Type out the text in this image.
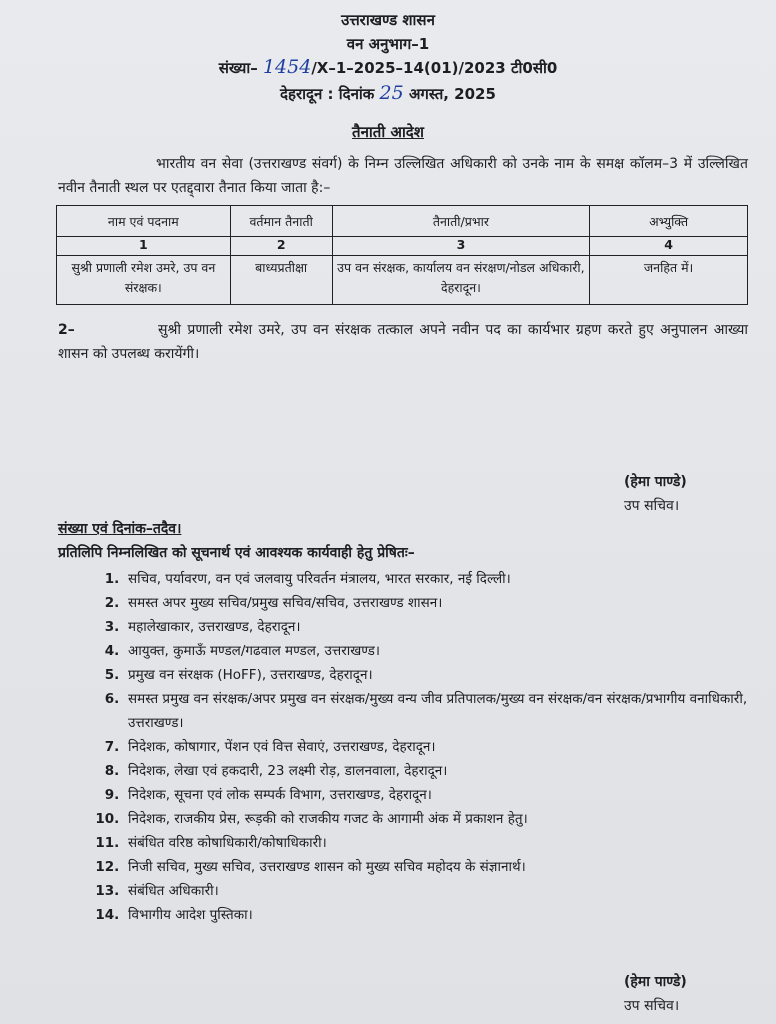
उत्तराखण्ड शासन
वन अनुभाग–1
संख्या– 1454/X–1–2025–14(01)/2023 टी0सी0
देहरादून : दिनांक 25 अगस्त, 2025
तैनाती आदेश
भारतीय वन सेवा (उत्तराखण्ड संवर्ग) के निम्न उल्लिखित अधिकारी को उनके नाम के समक्ष कॉलम–3 में उल्लिखित नवीन तैनाती स्थल पर एतद्द्वारा तैनात किया जाता है:–
नाम एवं पदनाम	वर्तमान तैनाती	तैनाती/प्रभार	अभ्युक्ति
1	2	3	4
सुश्री प्रणाली रमेश उमरे, उप वन संरक्षक।	बाध्यप्रतीक्षा	उप वन संरक्षक, कार्यालय वन संरक्षण/नोडल अधिकारी, देहरादून।	जनहित में।
2–	सुश्री प्रणाली रमेश उमरे, उप वन संरक्षक तत्काल अपने नवीन पद का कार्यभार ग्रहण करते हुए अनुपालन आख्या शासन को उपलब्ध करायेंगी।
(हेमा पाण्डे)
उप सचिव।
संख्या एवं दिनांक–तदैव।
प्रतिलिपि निम्नलिखित को सूचनार्थ एवं आवश्यक कार्यवाही हेतु प्रेषितः–
1. सचिव, पर्यावरण, वन एवं जलवायु परिवर्तन मंत्रालय, भारत सरकार, नई दिल्ली।
2. समस्त अपर मुख्य सचिव/प्रमुख सचिव/सचिव, उत्तराखण्ड शासन।
3. महालेखाकार, उत्तराखण्ड, देहरादून।
4. आयुक्त, कुमाऊँ मण्डल/गढवाल मण्डल, उत्तराखण्ड।
5. प्रमुख वन संरक्षक (HoFF), उत्तराखण्ड, देहरादून।
6. समस्त प्रमुख वन संरक्षक/अपर प्रमुख वन संरक्षक/मुख्य वन्य जीव प्रतिपालक/मुख्य वन संरक्षक/वन संरक्षक/प्रभागीय वनाधिकारी, उत्तराखण्ड।
7. निदेशक, कोषागार, पेंशन एवं वित्त सेवाएं, उत्तराखण्ड, देहरादून।
8. निदेशक, लेखा एवं हकदारी, 23 लक्ष्मी रोड़, डालनवाला, देहरादून।
9. निदेशक, सूचना एवं लोक सम्पर्क विभाग, उत्तराखण्ड, देहरादून।
10. निदेशक, राजकीय प्रेस, रूड़की को राजकीय गजट के आगामी अंक में प्रकाशन हेतु।
11. संबंधित वरिष्ठ कोषाधिकारी/कोषाधिकारी।
12. निजी सचिव, मुख्य सचिव, उत्तराखण्ड शासन को मुख्य सचिव महोदय के संज्ञानार्थ।
13. संबंधित अधिकारी।
14. विभागीय आदेश पुस्तिका।
(हेमा पाण्डे)
उप सचिव।
